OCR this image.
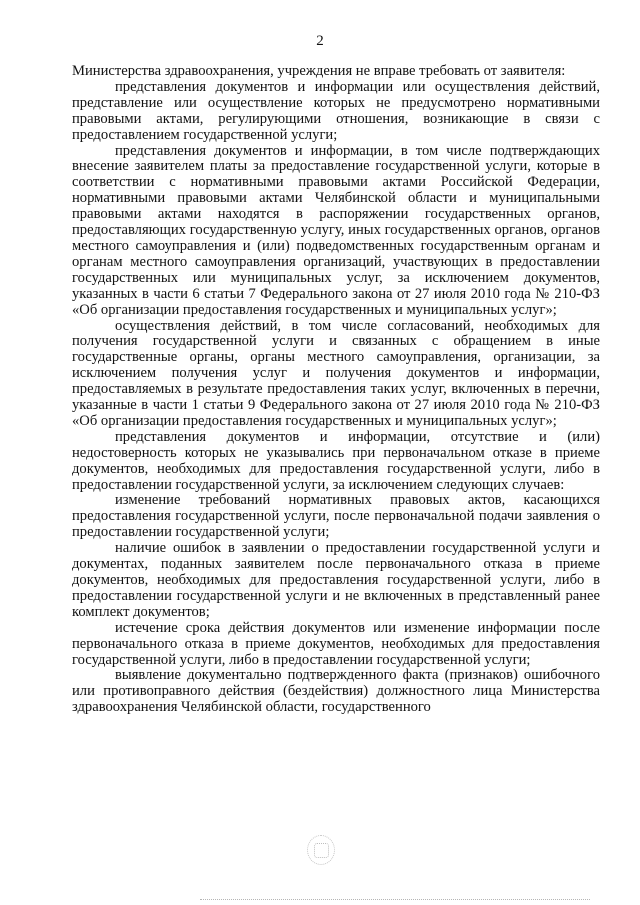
2

Министерства здравоохранения, учреждения не вправе требовать от заявителя:

представления документов и информации или осуществления действий, представление или осуществление которых не предусмотрено нормативными правовыми актами, регулирующими отношения, возникающие в связи с предоставлением государственной услуги;

представления документов и информации, в том числе подтверждающих внесение заявителем платы за предоставление государственной услуги, которые в соответствии с нормативными правовыми актами Российской Федерации, нормативными правовыми актами Челябинской области и муниципальными правовыми актами находятся в распоряжении государственных органов, предоставляющих государственную услугу, иных государственных органов, органов местного самоуправления и (или) подведомственных государственным органам и органам местного самоуправления организаций, участвующих в предоставлении государственных или муниципальных услуг, за исключением документов, указанных в части 6 статьи 7 Федерального закона от 27 июля 2010 года № 210-ФЗ «Об организации предоставления государственных и муниципальных услуг»;

осуществления действий, в том числе согласований, необходимых для получения государственной услуги и связанных с обращением в иные государственные органы, органы местного самоуправления, организации, за исключением получения услуг и получения документов и информации, предоставляемых в результате предоставления таких услуг, включенных в перечни, указанные в части 1 статьи 9 Федерального закона от 27 июля 2010 года № 210-ФЗ «Об организации предоставления государственных и муниципальных услуг»;

представления документов и информации, отсутствие и (или) недостоверность которых не указывались при первоначальном отказе в приеме документов, необходимых для предоставления государственной услуги, либо в предоставлении государственной услуги, за исключением следующих случаев:

изменение требований нормативных правовых актов, касающихся предоставления государственной услуги, после первоначальной подачи заявления о предоставлении государственной услуги;

наличие ошибок в заявлении о предоставлении государственной услуги и документах, поданных заявителем после первоначального отказа в приеме документов, необходимых для предоставления государственной услуги, либо в предоставлении государственной услуги и не включенных в представленный ранее комплект документов;

истечение срока действия документов или изменение информации после первоначального отказа в приеме документов, необходимых для предоставления государственной услуги, либо в предоставлении государственной услуги;

выявление документально подтвержденного факта (признаков) ошибочного или противоправного действия (бездействия) должностного лица Министерства здравоохранения Челябинской области, государственного
